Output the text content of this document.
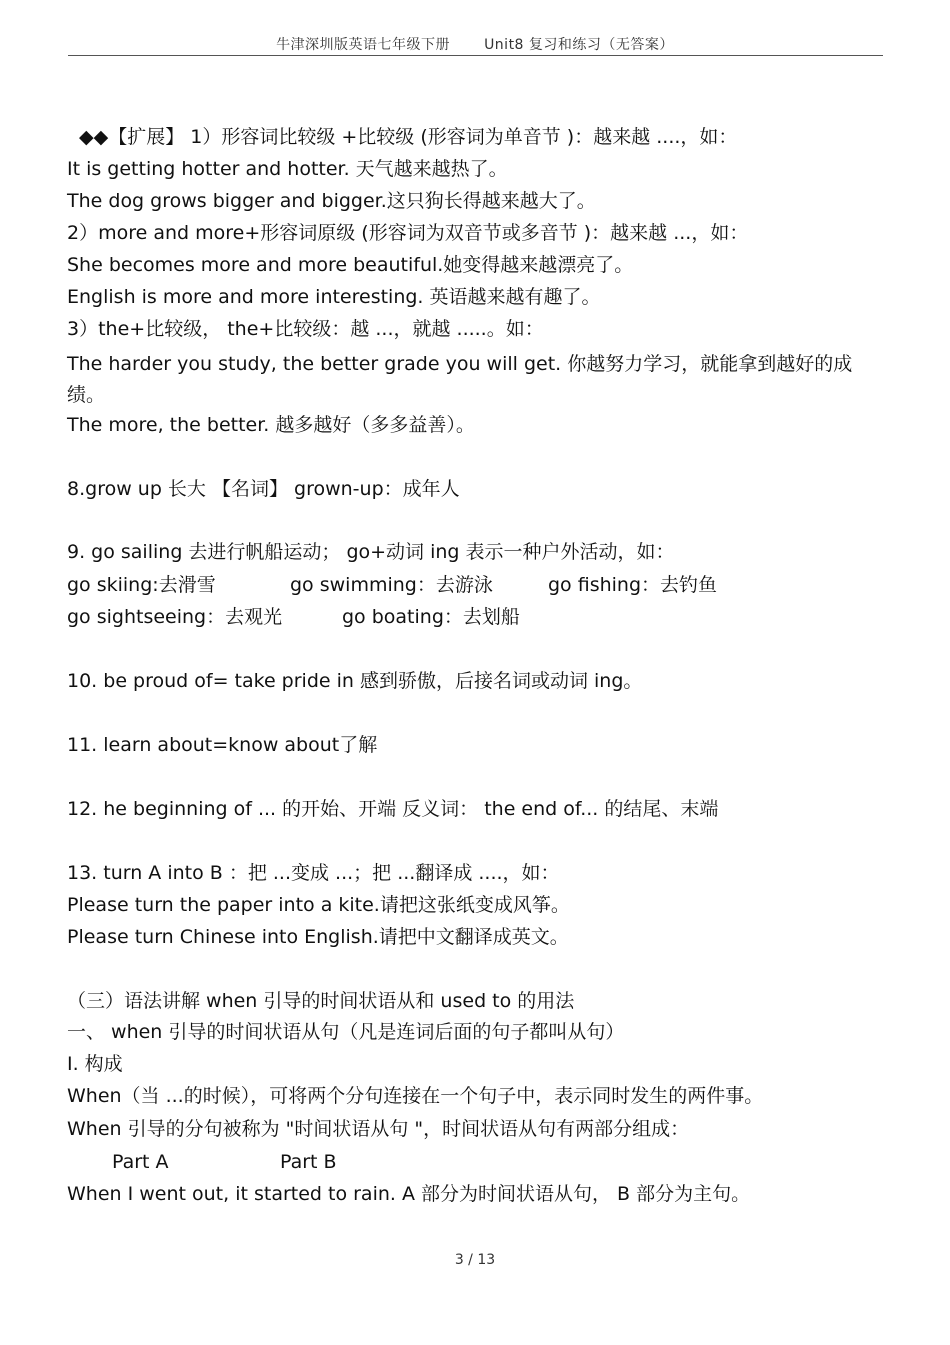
牛津深圳版英语七年级下册 Unit8 复习和练习（无答案）
◆◆【扩展】 1）形容词比较级 +比较级 (形容词为单音节 )：越来越 ....，如：
It is getting hotter and hotter. 天气越来越热了。
The dog grows bigger and bigger.这只狗长得越来越大了。
2）more and more+形容词原级 (形容词为双音节或多音节 )：越来越 ...，如：
She becomes more and more beautiful.她变得越来越漂亮了。
English is more and more interesting. 英语越来越有趣了。
3）the+比较级， the+比较级：越 ...，就越 .....。如：
The harder you study, the better grade you will get. 你越努力学习，就能拿到越好的成绩。
The more, the better. 越多越好（多多益善）。
8.grow up 长大 【名词】 grown-up：成年人
9. go sailing 去进行帆船运动； go+动词 ing 表示一种户外活动，如：
go skiing:去滑雪	go swimming：去游泳	go fishing：去钓鱼
go sightseeing：去观光	go boating：去划船
10. be proud of= take pride in 感到骄傲，后接名词或动词 ing。
11. learn about=know about了解
12. he beginning of ... 的开始、开端 反义词： the end of... 的结尾、末端
13. turn A into B ：把 ...变成 ...；把 ...翻译成 ....，如：
Please turn the paper into a kite.请把这张纸变成风筝。
Please turn Chinese into English.请把中文翻译成英文。
（三）语法讲解 when 引导的时间状语从和 used to 的用法
一、 when 引导的时间状语从句（凡是连词后面的句子都叫从句）
I. 构成
When（当 ...的时候），可将两个分句连接在一个句子中，表示同时发生的两件事。
When 引导的分句被称为 "时间状语从句 "，时间状语从句有两部分组成：
Part A	Part B
When I went out, it started to rain. A 部分为时间状语从句， B 部分为主句。
3 / 13
